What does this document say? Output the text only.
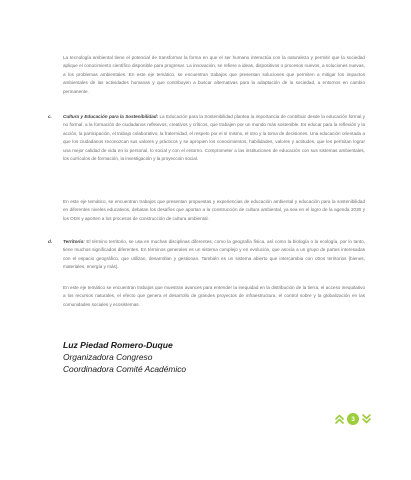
La tecnología ambiental tiene el potencial de transformar la forma en que el ser humano interactúa con la naturaleza y permitir que la sociedad aplique el conocimiento científico disponible para progresar. La innovación, se refiere a ideas, dispositivos o procesos nuevos, a soluciones nuevas, a los problemas ambientales. En este eje temático, se encuentran trabajos que presentan soluciones que permiten a mitigar los impactos ambientales de las actividades humanas y que contribuyen a buscar alternativas para la adaptación de la sociedad, a entornos en cambio permanente.

c.	Cultura y Educación para la Sostenibilidad: La Educación para la Sostenibilidad plantea la importancia de contribuir desde la educación formal y no formal, a la formación de ciudadanos reflexivos, creativos y críticos, que trabajen por un mundo más sostenible. Es educar para la reflexión y la acción, la participación, el trabajo colaborativo, la fraternidad, el respeto por el sí mismo, el otro y la toma de decisiones. Una educación orientada a que los ciudadanos reconozcan sus valores y prácticos y se apropien los conocimientos, habilidades, valores y actitudes, que les permitan lograr una mejor calidad de vida en lo personal, lo social y con el entorno. Comprometer a las instituciones de educación con sus sistemas ambientales, los currículos de formación, la investigación y la proyección social.

En este eje temático, se encuentran trabajos que presentan propuestas y experiencias de educación ambiental y educación para la sostenibilidad en diferentes niveles educativos, debatan los desafíos que aportan a la construcción de cultura ambiental, ya sea en el logro de la agenda 2030 y los ODS y aporten a los procesos de construcción de cultura ambiental.

d.	Territorio: El término territorio, se usa en muchas disciplinas diferentes, como la geografía física, así como la biología o la ecología, por lo tanto, tiene muchos significados diferentes. En términos generales es un sistema complejo y en evolución, que asocia a un grupo de partes interesadas con el espacio geográfico, que utilizan, desarrollan y gestionan. También es un sistema abierto que intercambia con otros territorios (bienes, materiales, energía y más).

En este eje temático se encuentran trabajos que muestran avances para entender la inequidad en la distribución de la tierra, el acceso inequitativo a los recursos naturales, el efecto que genera el desarrollo de grandes proyectos de infraestructura, el control sobre y la globalización en las comunidades sociales y ecosistemas.

Luz Piedad Romero-Duque

Organizadora Congreso

Coordinadora Comité Académico

3
